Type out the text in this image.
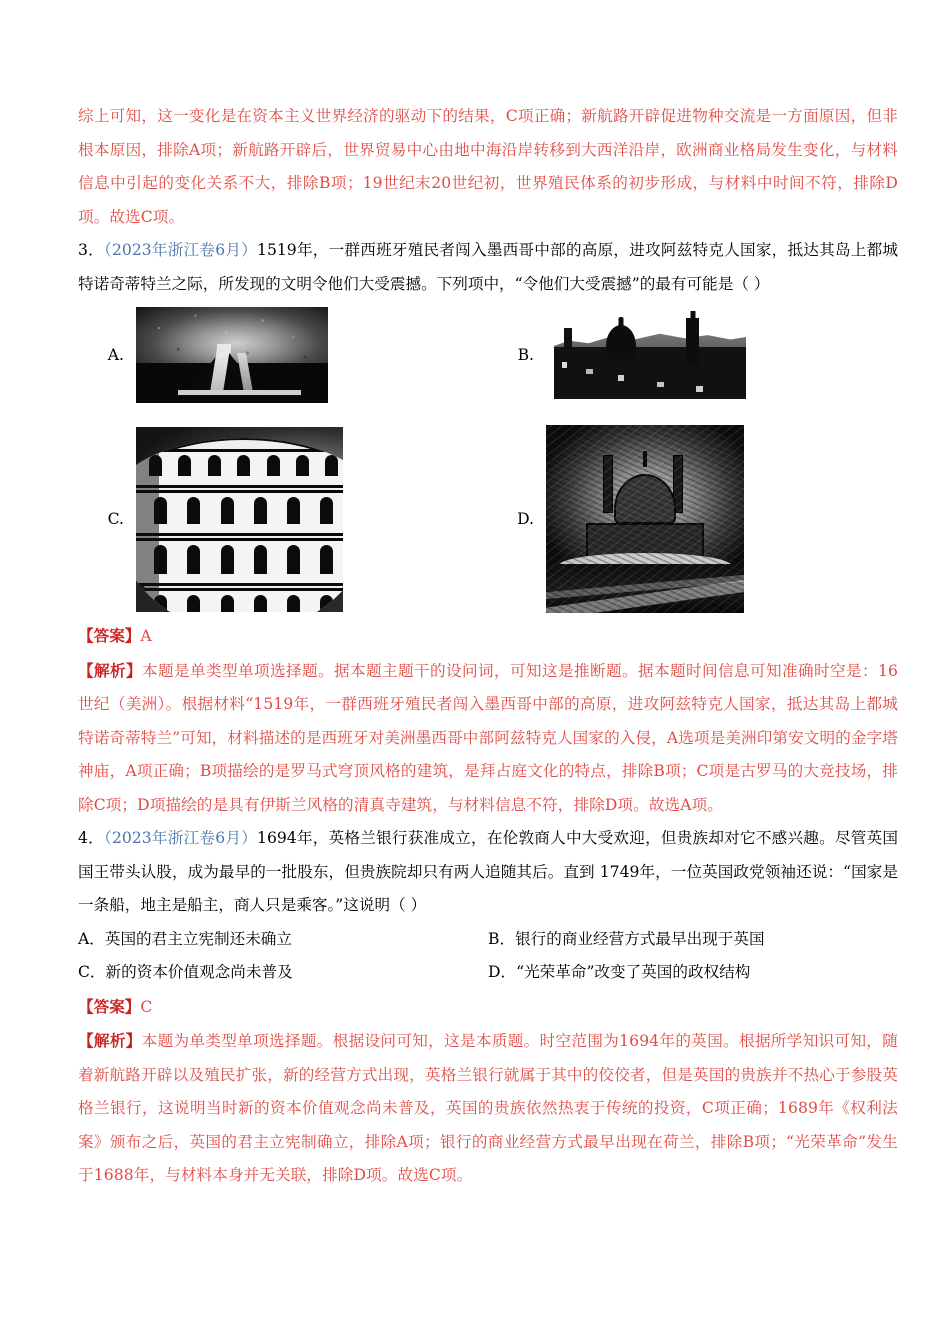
综上可知，这一变化是在资本主义世界经济的驱动下的结果，C项正确；新航路开辟促进物种交流是一方面原因，但非根本原因，排除A项；新航路开辟后，世界贸易中心由地中海沿岸转移到大西洋沿岸，欧洲商业格局发生变化，与材料信息中引起的变化关系不大，排除B项；19世纪末20世纪初，世界殖民体系的初步形成，与材料中时间不符，排除D项。故选C项。

3．（2023年浙江卷6月）1519年，一群西班牙殖民者闯入墨西哥中部的高原，进攻阿兹特克人国家，抵达其岛上都城特诺奇蒂特兰之际，所发现的文明令他们大受震撼。下列项中，“令他们大受震撼”的最有可能是（ ）

A.	B.
C.	D.

【答案】A

【解析】本题是单类型单项选择题。据本题主题干的设问词，可知这是推断题。据本题时间信息可知准确时空是：16世纪（美洲）。根据材料“1519年，一群西班牙殖民者闯入墨西哥中部的高原，进攻阿兹特克人国家，抵达其岛上都城特诺奇蒂特兰”可知，材料描述的是西班牙对美洲墨西哥中部阿兹特克人国家的入侵，A选项是美洲印第安文明的金字塔神庙，A项正确；B项描绘的是罗马式穹顶风格的建筑，是拜占庭文化的特点，排除B项；C项是古罗马的大竞技场，排除C项；D项描绘的是具有伊斯兰风格的清真寺建筑，与材料信息不符，排除D项。故选A项。

4．（2023年浙江卷6月）1694年，英格兰银行获准成立，在伦敦商人中大受欢迎，但贵族却对它不感兴趣。尽管英国国王带头认股，成为最早的一批股东，但贵族院却只有两人追随其后。直到 1749年，一位英国政党领袖还说：“国家是一条船，地主是船主，商人只是乘客。”这说明（ ）

A．英国的君主立宪制还未确立	B．银行的商业经营方式最早出现于英国
C．新的资本价值观念尚未普及	D．“光荣革命”改变了英国的政权结构

【答案】C

【解析】本题为单类型单项选择题。根据设问可知，这是本质题。时空范围为1694年的英国。根据所学知识可知，随着新航路开辟以及殖民扩张，新的经营方式出现，英格兰银行就属于其中的佼佼者，但是英国的贵族并不热心于参股英格兰银行，这说明当时新的资本价值观念尚未普及，英国的贵族依然热衷于传统的投资，C项正确；1689年《权利法案》颁布之后，英国的君主立宪制确立，排除A项；银行的商业经营方式最早出现在荷兰，排除B项；“光荣革命”发生于1688年，与材料本身并无关联，排除D项。故选C项。
